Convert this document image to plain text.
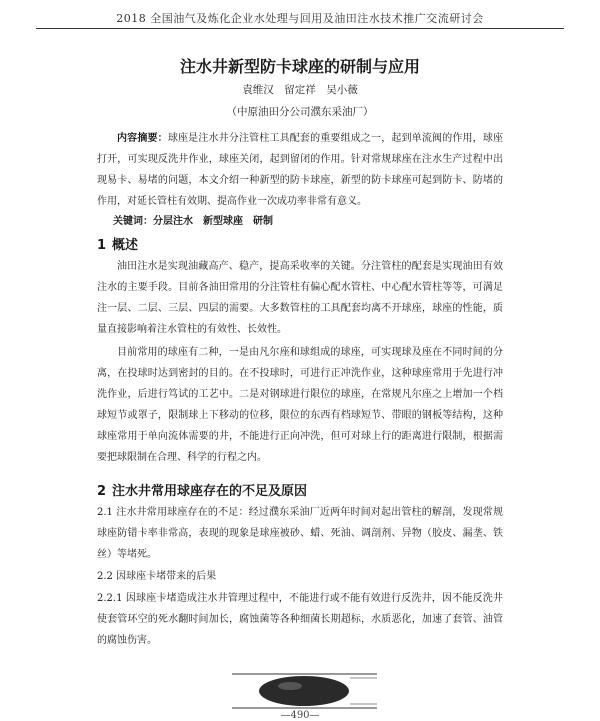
2018 全国油气及炼化企业水处理与回用及油田注水技术推广交流研讨会
注水井新型防卡球座的研制与应用
袁维汉　留定祥　吴小薇
（中原油田分公司濮东采油厂）
内容摘要：球座是注水井分注管柱工具配套的重要组成之一，起到单流阀的作用，球座打开，可实现反洗井作业，球座关闭，起到留闭的作用。针对常规球座在注水生产过程中出现易卡、易堵的问题，本文介绍一种新型的防卡球座，新型的防卡球座可起到防卡、防堵的作用，对延长管柱有效期、提高作业一次成功率非常有意义。
关键词：分层注水　新型球座　研制
1 概述
油田注水是实现油藏高产、稳产，提高采收率的关键。分注管柱的配套是实现油田有效注水的主要手段。目前各油田常用的分注管柱有偏心配水管柱、中心配水管柱等等，可满足注一层、二层、三层、四层的需要。大多数管柱的工具配套均离不开球座，球座的性能，质量直接影响着注水管柱的有效性、长效性。
目前常用的球座有二种，一是由凡尔座和球组成的球座，可实现球及座在不同时间的分离，在投球时达到密封的目的。在不投球时，可进行正冲洗作业，这种球座常用于先进行冲洗作业，后进行笃试的工艺中。二是对钢球进行限位的球座，在常规凡尔座之上增加一个档球短节或罩子，限制球上下移动的位移，限位的东西有档球短节、带眼的钢板等结构，这种球座常用于单向流体需要的井，不能进行正向冲洗，但可对球上行的距离进行限制，根据需要把球限制在合理、科学的行程之内。
2 注水井常用球座存在的不足及原因
2.1 注水井常用球座存在的不足：经过濮东采油厂近两年时间对起出管柱的解剖，发现常规球座防错卡率非常高，表现的现象是球座被砂、蜡、死油、调剖剂、异物（胶皮、漏垄、铁丝）等堵死。
2.2 因球座卡堵带来的后果
2.2.1 因球座卡堵造成注水井管理过程中，不能进行或不能有效进行反洗井，因不能反洗井使套管环空的死水翻时间加长，腐蚀菌等各种细菌长期超标，水质恶化，加速了套管、油管的腐蚀伤害。
—490—
